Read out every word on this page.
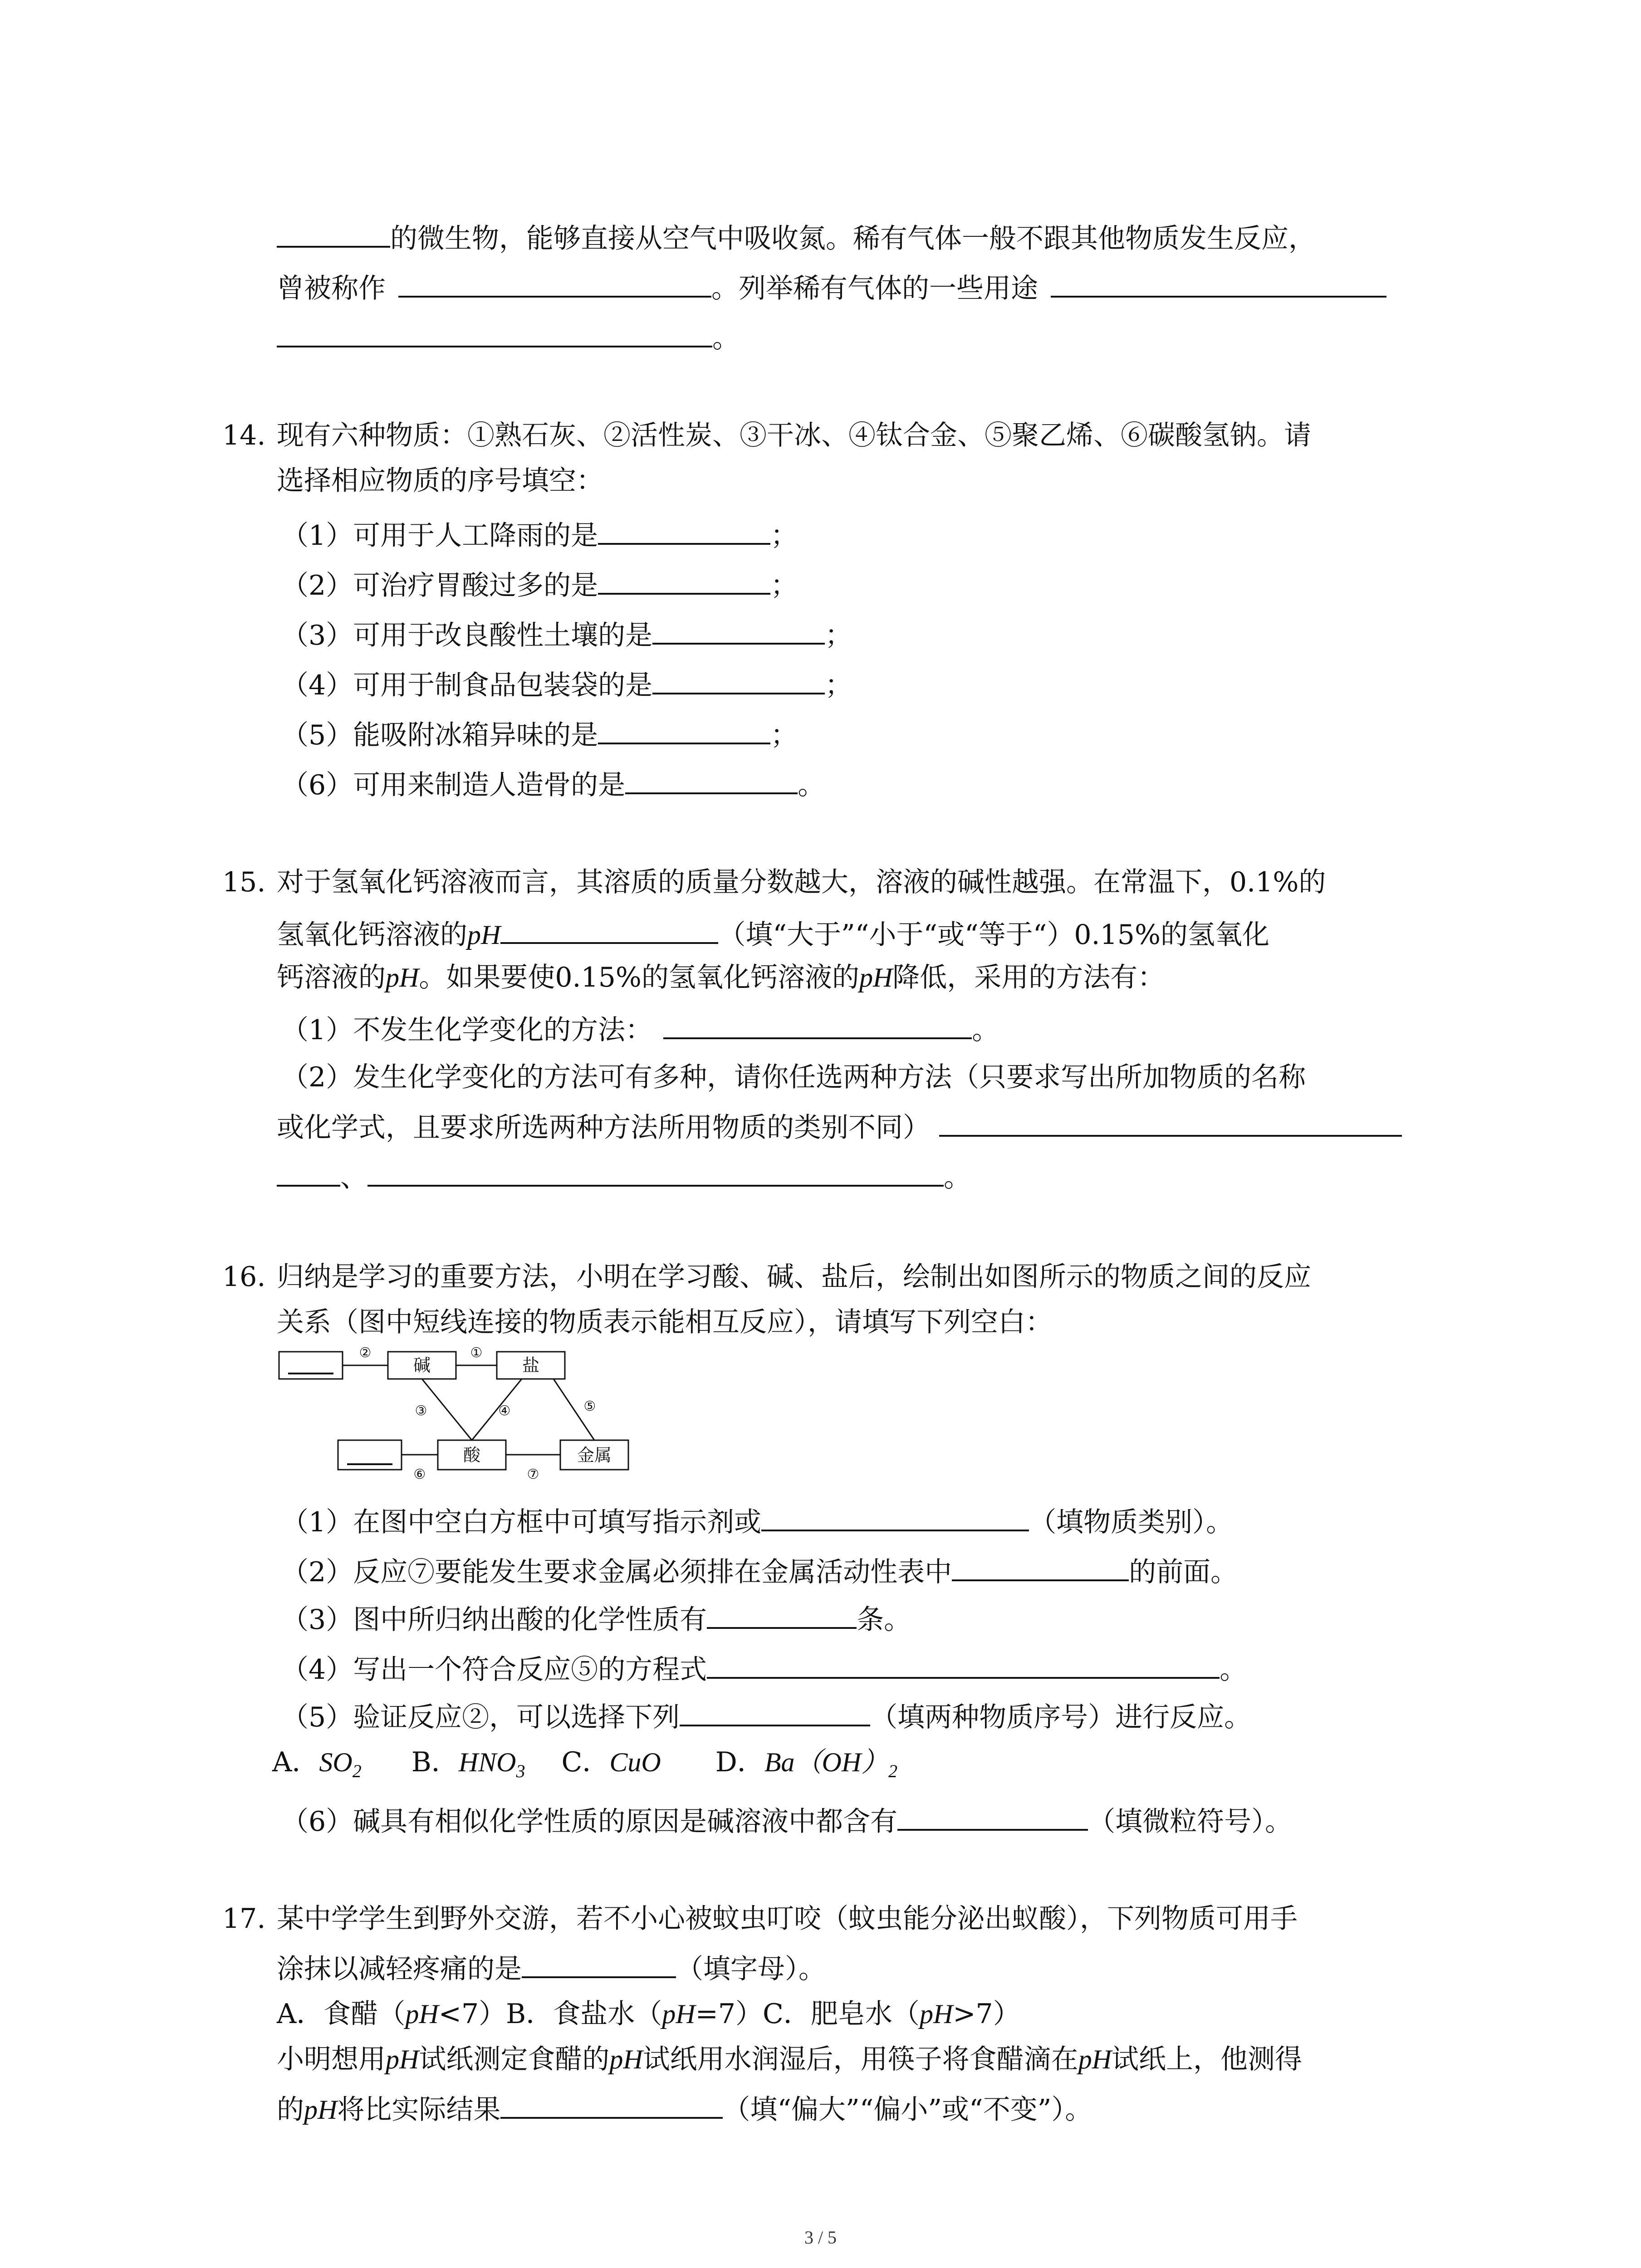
的微生物，能够直接从空气中吸收氮。稀有气体一般不跟其他物质发生反应，
曾被称作	。列举稀有气体的一些用途
。
14. 现有六种物质：①熟石灰、②活性炭、③干冰、④钛合金、⑤聚乙烯、⑥碳酸氢钠。请
选择相应物质的序号填空：
（1）可用于人工降雨的是	；
（2）可治疗胃酸过多的是	；
（3）可用于改良酸性土壤的是	；
（4）可用于制食品包装袋的是	；
（5）能吸附冰箱异味的是	；
（6）可用来制造人造骨的是	。
15. 对于氢氧化钙溶液而言，其溶质的质量分数越大，溶液的碱性越强。在常温下，0.1%的
氢氧化钙溶液的pH	（填“大于”“小于“或“等于“）0.15%的氢氧化
钙溶液的pH。如果要使0.15%的氢氧化钙溶液的pH降低，采用的方法有：
（1）不发生化学变化的方法：	。
（2）发生化学变化的方法可有多种，请你任选两种方法（只要求写出所加物质的名称
或化学式，且要求所选两种方法所用物质的类别不同）
、	。
16. 归纳是学习的重要方法，小明在学习酸、碱、盐后，绘制出如图所示的物质之间的反应
关系（图中短线连接的物质表示能相互反应），请填写下列空白：
碱	盐
酸	金属
②	①
③	④	⑤
⑥	⑦
（1）在图中空白方框中可填写指示剂或	（填物质类别）。
（2）反应⑦要能发生要求金属必须排在金属活动性表中	的前面。
（3）图中所归纳出酸的化学性质有	条。
（4）写出一个符合反应⑤的方程式	。
（5）验证反应②，可以选择下列	（填两种物质序号）进行反应。
A．$SO_2$ B．$HNO_3$ C．CuO D．$Ba(OH)_2$
（6）碱具有相似化学性质的原因是碱溶液中都含有	（填微粒符号）。
17. 某中学学生到野外交游，若不小心被蚊虫叮咬（蚊虫能分泌出蚁酸），下列物质可用手
涂抹以减轻疼痛的是	（填字母）。
A．食醋（pH<7）B．食盐水（pH=7）C．肥皂水（pH>7）
小明想用pH试纸测定食醋的pH试纸用水润湿后，用筷子将食醋滴在pH试纸上，他测得
的pH将比实际结果	（填“偏大”“偏小”或“不变”）。
3 / 5
